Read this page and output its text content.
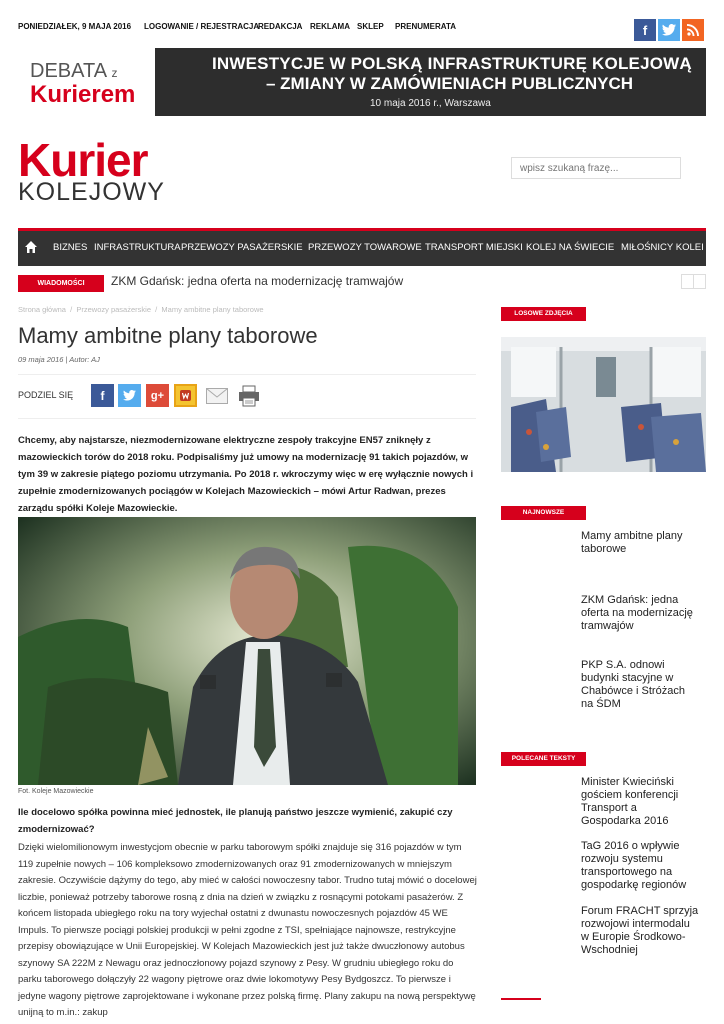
PONIEDZIAŁEK, 9 MAJA 2016 LOGOWANIE / REJESTRACJA
REDAKCJA REKLAMA SKLEP PRENUMERATA	f
DEBATA z
Kurierem
INWESTYCJE W POLSKĄ INFRASTRUKTURĘ KOLEJOWĄ
– ZMIANY W ZAMÓWIENIACH PUBLICZNYCH
10 maja 2016 r., Warszawa
Kurier
KOLEJOWY
wpisz szukaną frazę...
BIZNES INFRASTRUKTURA PRZEWOZY PASAŻERSKIE PRZEWOZY TOWAROWE TRANSPORT MIEJSKI KOLEJ NA ŚWIECIE MIŁOŚNICY KOLEI
WIADOMOŚCI	ZKM Gdańsk: jedna oferta na modernizację tramwajów
Strona główna  /  Przewozy pasażerskie  /  Mamy ambitne plany taborowe
Mamy ambitne plany taborowe
09 maja 2016 | Autor: AJ
PODZIEL SIĘ	f	g+
Chcemy, aby najstarsze, niezmodernizowane elektryczne zespoły trakcyjne EN57 zniknęły z mazowieckich torów do 2018 roku. Podpisaliśmy już umowy na modernizację 91 takich pojazdów, w tym 39 w zakresie piątego poziomu utrzymania. Po 2018 r. wkroczymy więc w erę wyłącznie nowych i zupełnie zmodernizowanych pociągów w Kolejach Mazowieckich – mówi Artur Radwan, prezes zarządu spółki Koleje Mazowieckie.
Fot. Koleje Mazowieckie
Ile docelowo spółka powinna mieć jednostek, ile planują państwo jeszcze wymienić, zakupić czy zmodernizować?
Dzięki wielomilionowym inwestycjom obecnie w parku taborowym spółki znajduje się 316 pojazdów w tym 119 zupełnie nowych – 106 kompleksowo zmodernizowanych oraz 91 zmodernizowanych w mniejszym zakresie. Oczywiście dążymy do tego, aby mieć w całości nowoczesny tabor. Trudno tutaj mówić o docelowej liczbie, ponieważ potrzeby taborowe rosną z dnia na dzień w związku z rosnącymi potokami pasażerów. Z końcem listopada ubiegłego roku na tory wyjechał ostatni z dwunastu nowoczesnych pojazdów 45 WE Impuls. To pierwsze pociągi polskiej produkcji w pełni zgodne z TSI, spełniające najnowsze, restrykcyjne przepisy obowiązujące w Unii Europejskiej. W Kolejach Mazowieckich jest już także dwuczłonowy autobus szynowy SA 222M z Newagu oraz jednoczłonowy pojazd szynowy z Pesy. W grudniu ubiegłego roku do parku taborowego dołączyły 22 wagony piętrowe oraz dwie lokomotywy Pesy Bydgoszcz. To pierwsze i jedyne wagony piętrowe zaprojektowane i wykonane przez polską firmę. Plany zakupu na nową perspektywę unijną to m.in.: zakup
LOSOWE ZDJĘCIA
NAJNOWSZE WIADOMOŚCI
Mamy ambitne plany taborowe
ZKM Gdańsk: jedna oferta na modernizację tramwajów
PKP S.A. odnowi budynki stacyjne w Chabówce i Stróżach na ŚDM
POLECANE TEKSTY
Minister Kwieciński gościem konferencji Transport a Gospodarka 2016
TaG 2016 o wpływie rozwoju systemu transportowego na gospodarkę regionów
Forum FRACHT sprzyja rozwojowi intermodalu w Europie Środkowo-Wschodniej
